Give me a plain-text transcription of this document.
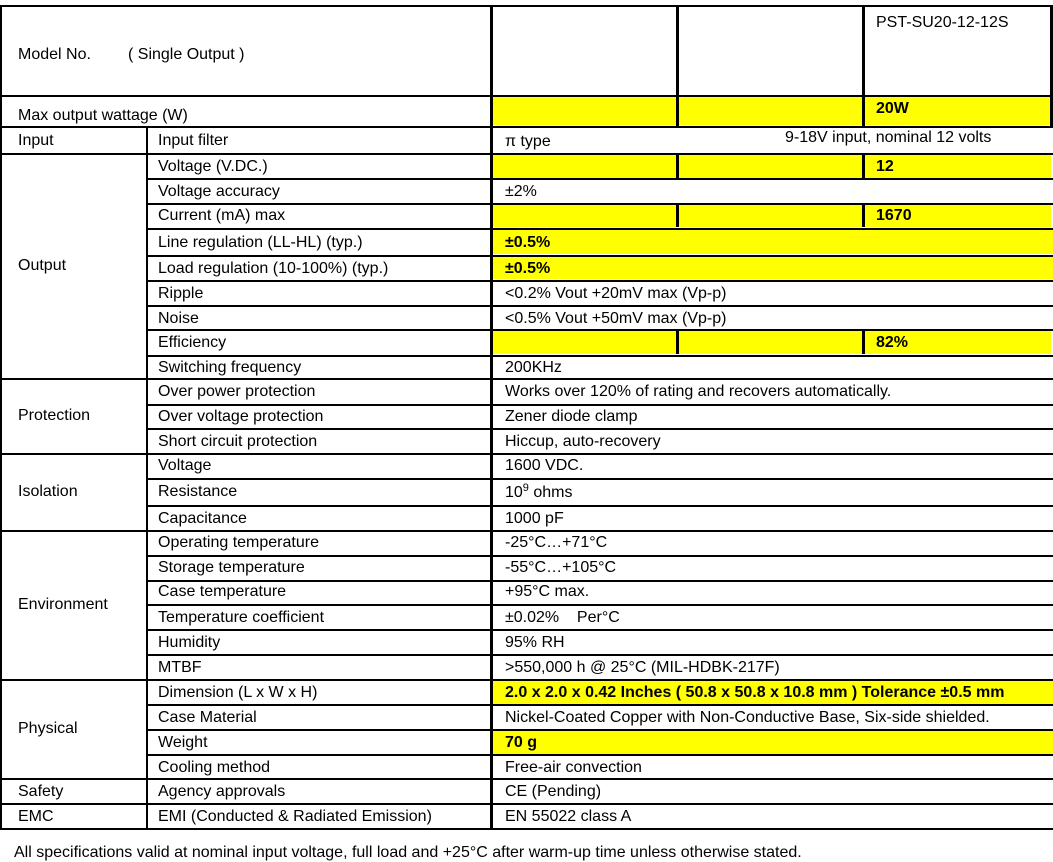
Model No. ( Single Output )
PST-SU20-12-12S
Max output wattage (W)	20W
Input	Input filter	π type	9-18V input, nominal 12 volts
Output
Voltage (V.DC.)	12
Voltage accuracy	±2%
Current (mA) max	1670
Line regulation (LL-HL) (typ.)	±0.5%
Load regulation (10-100%) (typ.)	±0.5%
Ripple	<0.2% Vout +20mV max (Vp-p)
Noise	<0.5% Vout +50mV max (Vp-p)
Efficiency	82%
Switching frequency	200KHz
Protection
Over power protection	Works over 120% of rating and recovers automatically.
Over voltage protection	Zener diode clamp
Short circuit protection	Hiccup, auto-recovery
Isolation
Voltage	1600 VDC.
Resistance	$10^9$ ohms
Capacitance	1000 pF
Environment
Operating temperature	-25°C…+71°C
Storage temperature	-55°C…+105°C
Case temperature	+95°C max.
Temperature coefficient	±0.02%    Per°C
Humidity	95% RH
MTBF	>550,000 h @ 25°C (MIL-HDBK-217F)
Physical
Dimension (L x W x H)	2.0 x 2.0 x 0.42 Inches ( 50.8 x 50.8 x 10.8 mm ) Tolerance ±0.5 mm
Case Material	Nickel-Coated Copper with Non-Conductive Base, Six-side shielded.
Weight	70 g
Cooling method	Free-air convection
Safety	Agency approvals	CE (Pending)
EMC	EMI (Conducted & Radiated Emission)	EN 55022 class A
All specifications valid at nominal input voltage, full load and +25°C after warm-up time unless otherwise stated.
